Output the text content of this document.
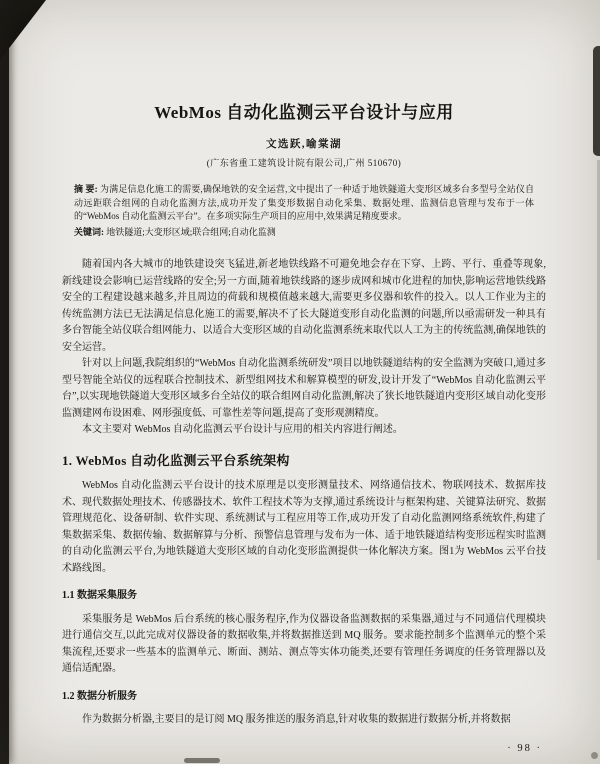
WebMos 自动化监测云平台设计与应用
文选跃,喻棠湖
(广东省重工建筑设计院有限公司,广州 510670)

摘 要: 为满足信息化施工的需要,确保地铁的安全运营,文中提出了一种适于地铁隧道大变形区域多台多型号全站仪自动远距联合组网的自动化监测方法,成功开发了集变形数据自动化采集、数据处理、监测信息管理与发布于一体的“WebMos 自动化监测云平台”。在多项实际生产项目的应用中,效果满足精度要求。

关键词: 地铁隧道;大变形区域;联合组网;自动化监测

随着国内各大城市的地铁建设突飞猛进,新老地铁线路不可避免地会存在下穿、上跨、平行、重叠等现象,新线建设会影响已运营线路的安全;另一方面,随着地铁线路的逐步成网和城市化进程的加快,影响运营地铁线路安全的工程建设越来越多,并且周边的荷载和规模值越来越大,需要更多仪器和软件的投入。以人工作业为主的传统监测方法已无法满足信息化施工的需要,解决不了长大隧道变形自动化监测的问题,所以亟需研发一种具有多台智能全站仪联合组网能力、以适合大变形区域的自动化监测系统来取代以人工为主的传统监测,确保地铁的安全运营。

针对以上问题,我院组织的“WebMos 自动化监测系统研发”项目以地铁隧道结构的安全监测为突破口,通过多型号智能全站仪的远程联合控制技术、新型组网技术和解算模型的研发,设计开发了“WebMos 自动化监测云平台”,以实现地铁隧道大变形区域多台全站仪的联合组网自动化监测,解决了狭长地铁隧道内变形区域自动化变形监测建网布设困难、网形强度低、可靠性差等问题,提高了变形观测精度。

本文主要对 WebMos 自动化监测云平台设计与应用的相关内容进行阐述。

1. WebMos 自动化监测云平台系统架构

WebMos 自动化监测云平台设计的技术原理是以变形测量技术、网络通信技术、物联网技术、数据库技术、现代数据处理技术、传感器技术、软件工程技术等为支撑,通过系统设计与框架构建、关键算法研究、数据管理规范化、设备研制、软件实现、系统测试与工程应用等工作,成功开发了自动化监测网络系统软件,构建了集数据采集、数据传输、数据解算与分析、预警信息管理与发布为一体、适于地铁隧道结构变形远程实时监测的自动化监测云平台,为地铁隧道大变形区域的自动化变形监测提供一体化解决方案。图1为 WebMos 云平台技术路线图。

1.1 数据采集服务

采集服务是 WebMos 后台系统的核心服务程序,作为仪器设备监测数据的采集器,通过与不同通信代理模块进行通信交互,以此完成对仪器设备的数据收集,并将数据推送到 MQ 服务。要求能控制多个监测单元的整个采集流程,还要求一些基本的监测单元、断面、测站、测点等实体功能类,还要有管理任务调度的任务管理器以及通信适配器。

1.2 数据分析服务

作为数据分析器,主要目的是订阅 MQ 服务推送的服务消息,针对收集的数据进行数据分析,并将数据

· 98 ·
